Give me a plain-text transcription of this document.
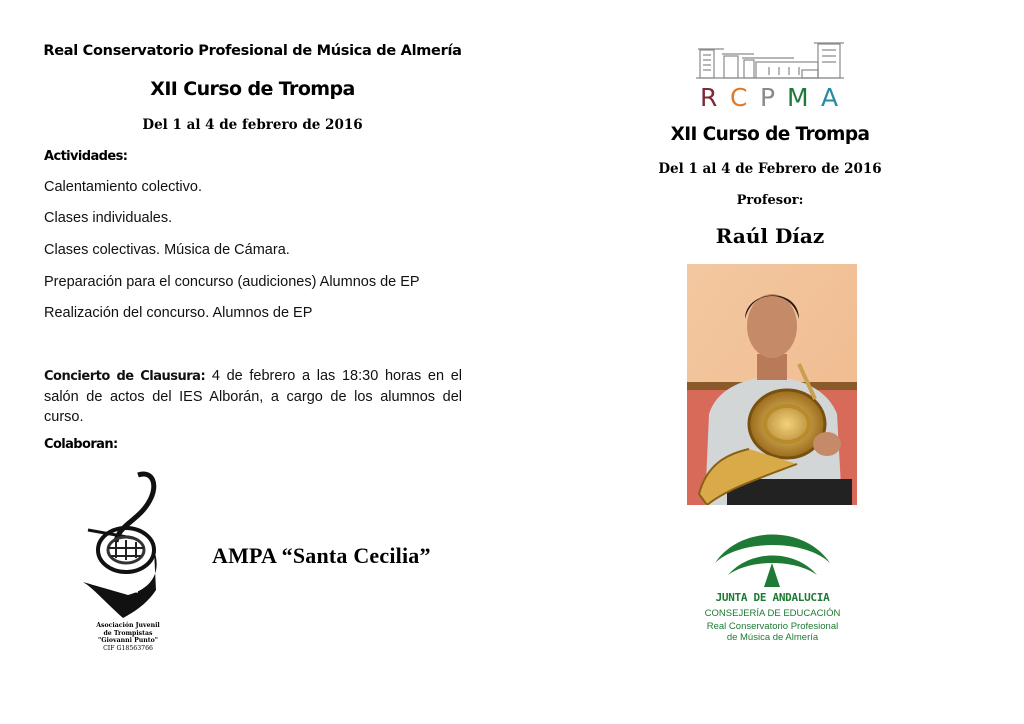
Real Conservatorio Profesional de Música de Almería
XII Curso de Trompa
Del 1 al 4 de febrero de 2016
Actividades:
Calentamiento colectivo.
Clases individuales.
Clases colectivas. Música de Cámara.
Preparación para el concurso (audiciones) Alumnos de EP
Realización del concurso. Alumnos de EP
Concierto de Clausura: 4 de febrero a las 18:30 horas en el salón de actos del IES Alborán, a cargo de los alumnos del curso.
Colaboran:
Asociación Juvenil
de Trompistas
"Giovanni Punto"
CIF G18563766
AMPA “Santa Cecilia”
R C P M A
XII Curso de Trompa
Del 1 al 4 de Febrero de 2016
Profesor:
Raúl Díaz
JUNTA DE ANDALUCIA
CONSEJERÍA DE EDUCACIÓN
Real Conservatorio Profesional
de Música de Almería
